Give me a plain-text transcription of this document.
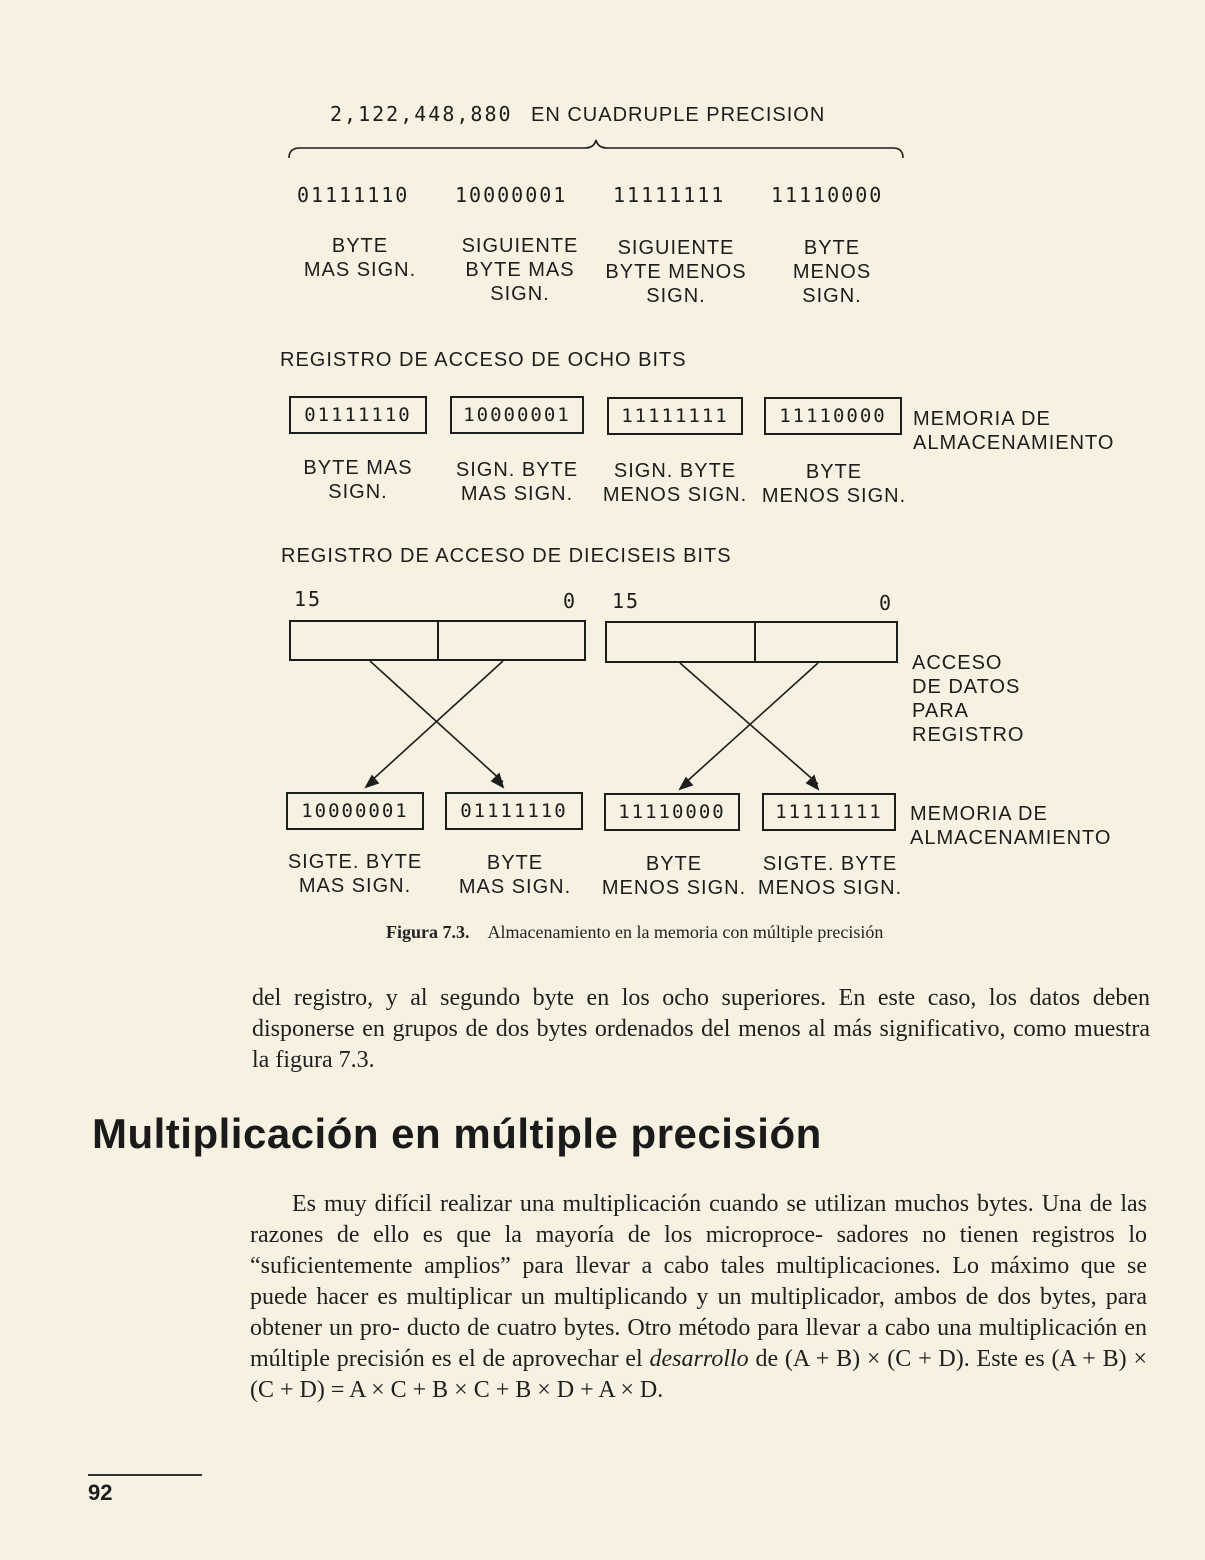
2,122,448,880 EN CUADRUPLE PRECISION
01111110 10000001 11111111 11110000
BYTE
MAS SIGN.
SIGUIENTE
BYTE MAS
SIGN.
SIGUIENTE
BYTE MENOS
SIGN.
BYTE
MENOS
SIGN.
REGISTRO DE ACCESO DE OCHO BITS
01111110	10000001	11111111	11110000	MEMORIA DE
ALMACENAMIENTO
BYTE MAS
SIGN.
SIGN. BYTE
MAS SIGN.
SIGN. BYTE
MENOS SIGN.
BYTE
MENOS SIGN.
REGISTRO DE ACCESO DE DIECISEIS BITS
15	0 15	0
ACCESO
DE DATOS
PARA
REGISTRO
10000001	01111110	11110000	11111111	MEMORIA DE
ALMACENAMIENTO
SIGTE. BYTE
MAS SIGN.
BYTE
MAS SIGN.
BYTE
MENOS SIGN.
SIGTE. BYTE
MENOS SIGN.
Figura 7.3. Almacenamiento en la memoria con múltiple precisión

del registro, y al segundo byte en los ocho superiores. En este caso, los datos deben disponerse en grupos de dos bytes ordenados del menos al más significativo, como muestra la figura 7.3.

Multiplicación en múltiple precisión

Es muy difícil realizar una multiplicación cuando se utilizan muchos bytes. Una de las razones de ello es que la mayoría de los microproce- sadores no tienen registros lo “suficientemente amplios” para llevar a cabo tales multiplicaciones. Lo máximo que se puede hacer es multiplicar un multiplicando y un multiplicador, ambos de dos bytes, para obtener un pro- ducto de cuatro bytes. Otro método para llevar a cabo una multiplicación en múltiple precisión es el de aprovechar el desarrollo de (A + B) × (C + D). Este es (A + B) × (C + D) = A × C + B × C + B × D + A × D.

92
